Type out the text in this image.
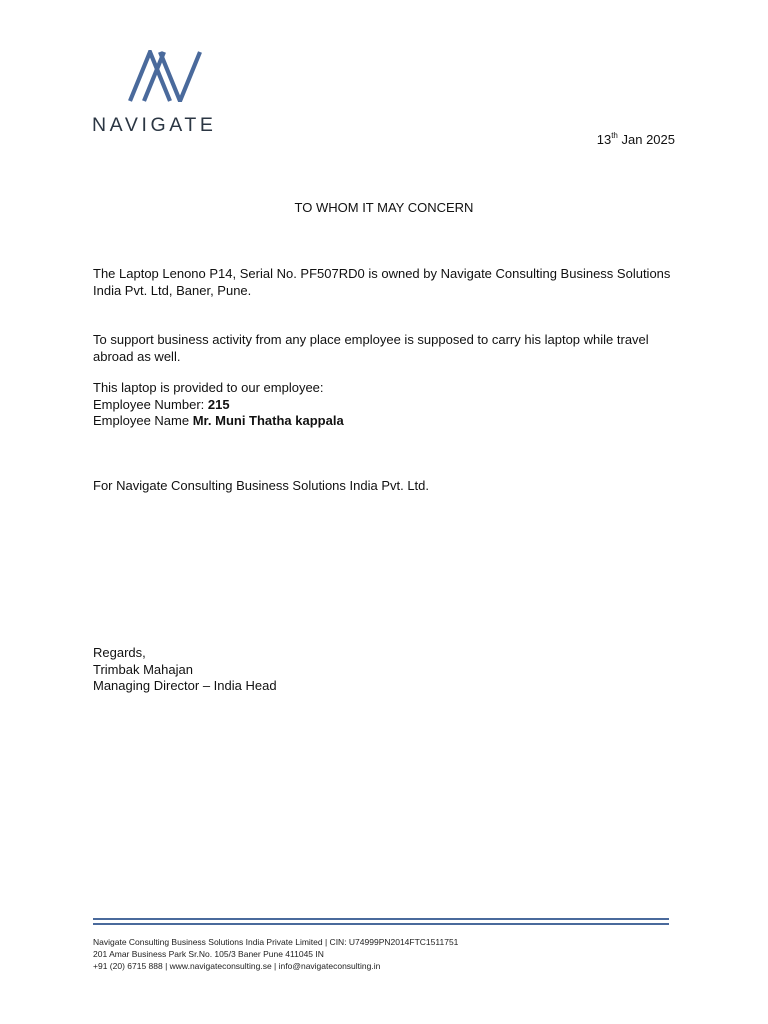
NAVIGATE
13th Jan 2025
TO WHOM IT MAY CONCERN
The Laptop Lenono P14, Serial No. PF507RD0 is owned by Navigate Consulting Business Solutions
India Pvt. Ltd, Baner, Pune.
To support business activity from any place employee is supposed to carry his laptop while travel
abroad as well.
This laptop is provided to our employee:
Employee Number: 215
Employee Name Mr. Muni Thatha kappala
For Navigate Consulting Business Solutions India Pvt. Ltd.
Regards,
Trimbak Mahajan
Managing Director – India Head
Navigate Consulting Business Solutions India Private Limited | CIN: U74999PN2014FTC1511751
201 Amar Business Park Sr.No. 105/3 Baner Pune 411045 IN
+91 (20) 6715 888 | www.navigateconsulting.se | info@navigateconsulting.in
